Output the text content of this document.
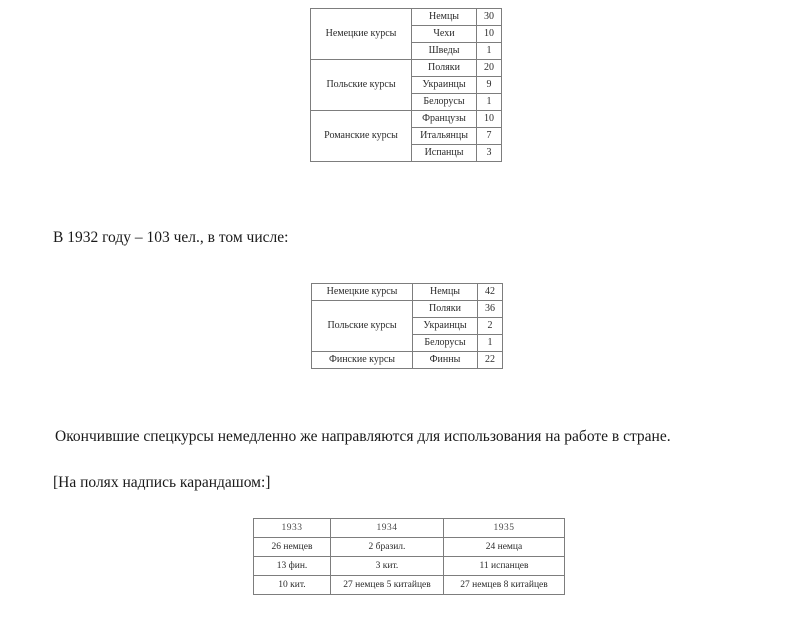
Немецкие курсы	Немцы	30
	Чехи	10
	Шведы	1
Польские курсы	Поляки	20
	Украинцы	9
	Белорусы	1
Романские курсы	Французы	10
	Итальянцы	7
	Испанцы	3
В 1932 году – 103 чел., в том числе:
Немецкие курсы	Немцы	42
Польские курсы	Поляки	36
	Украинцы	2
	Белорусы	1
Финские курсы	Финны	22
Окончившие спецкурсы немедленно же направляются для использования на работе в стране.
[На полях надпись карандашом:]
1933	1934	1935
26 немцев	2 бразил.	24 немца
13 фин.	3 кит.	11 испанцев
10 кит.	27 немцев 5 китайцев	27 немцев 8 китайцев
